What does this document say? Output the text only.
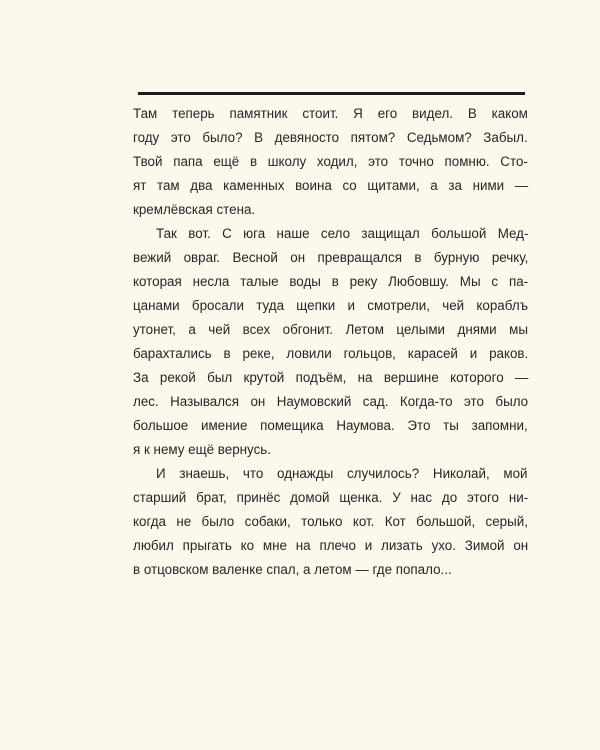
Там теперь памятник стоит. Я его видел. В каком
году это было? В девяносто пятом? Седьмом? Забыл.
Твой папа ещё в школу ходил, это точно помню. Сто-
ят там два каменных воина со щитами, а за ними —
кремлёвская стена.
Так вот. С юга наше село защищал большой Мед-
вежий овраг. Весной он превращался в бурную речку,
которая несла талые воды в реку Любовшу. Мы с па-
цанами бросали туда щепки и смотрели, чей кораблъ
утонет, а чей всех обгонит. Летом целыми днями мы
барахтались в реке, ловили гольцов, карасей и раков.
За рекой был крутой подъём, на вершине которого —
лес. Назывался он Наумовский сад. Когда-то это было
большое имение помещика Наумова. Это ты запомни,
я к нему ещё вернусь.
И знаешь, что однажды случилось? Николай, мой
старший брат, принёс домой щенка. У нас до этого ни-
когда не было собаки, только кот. Кот большой, серый,
любил прыгать ко мне на плечо и лизать ухо. Зимой он
в отцовском валенке спал, а летом — где попало...
